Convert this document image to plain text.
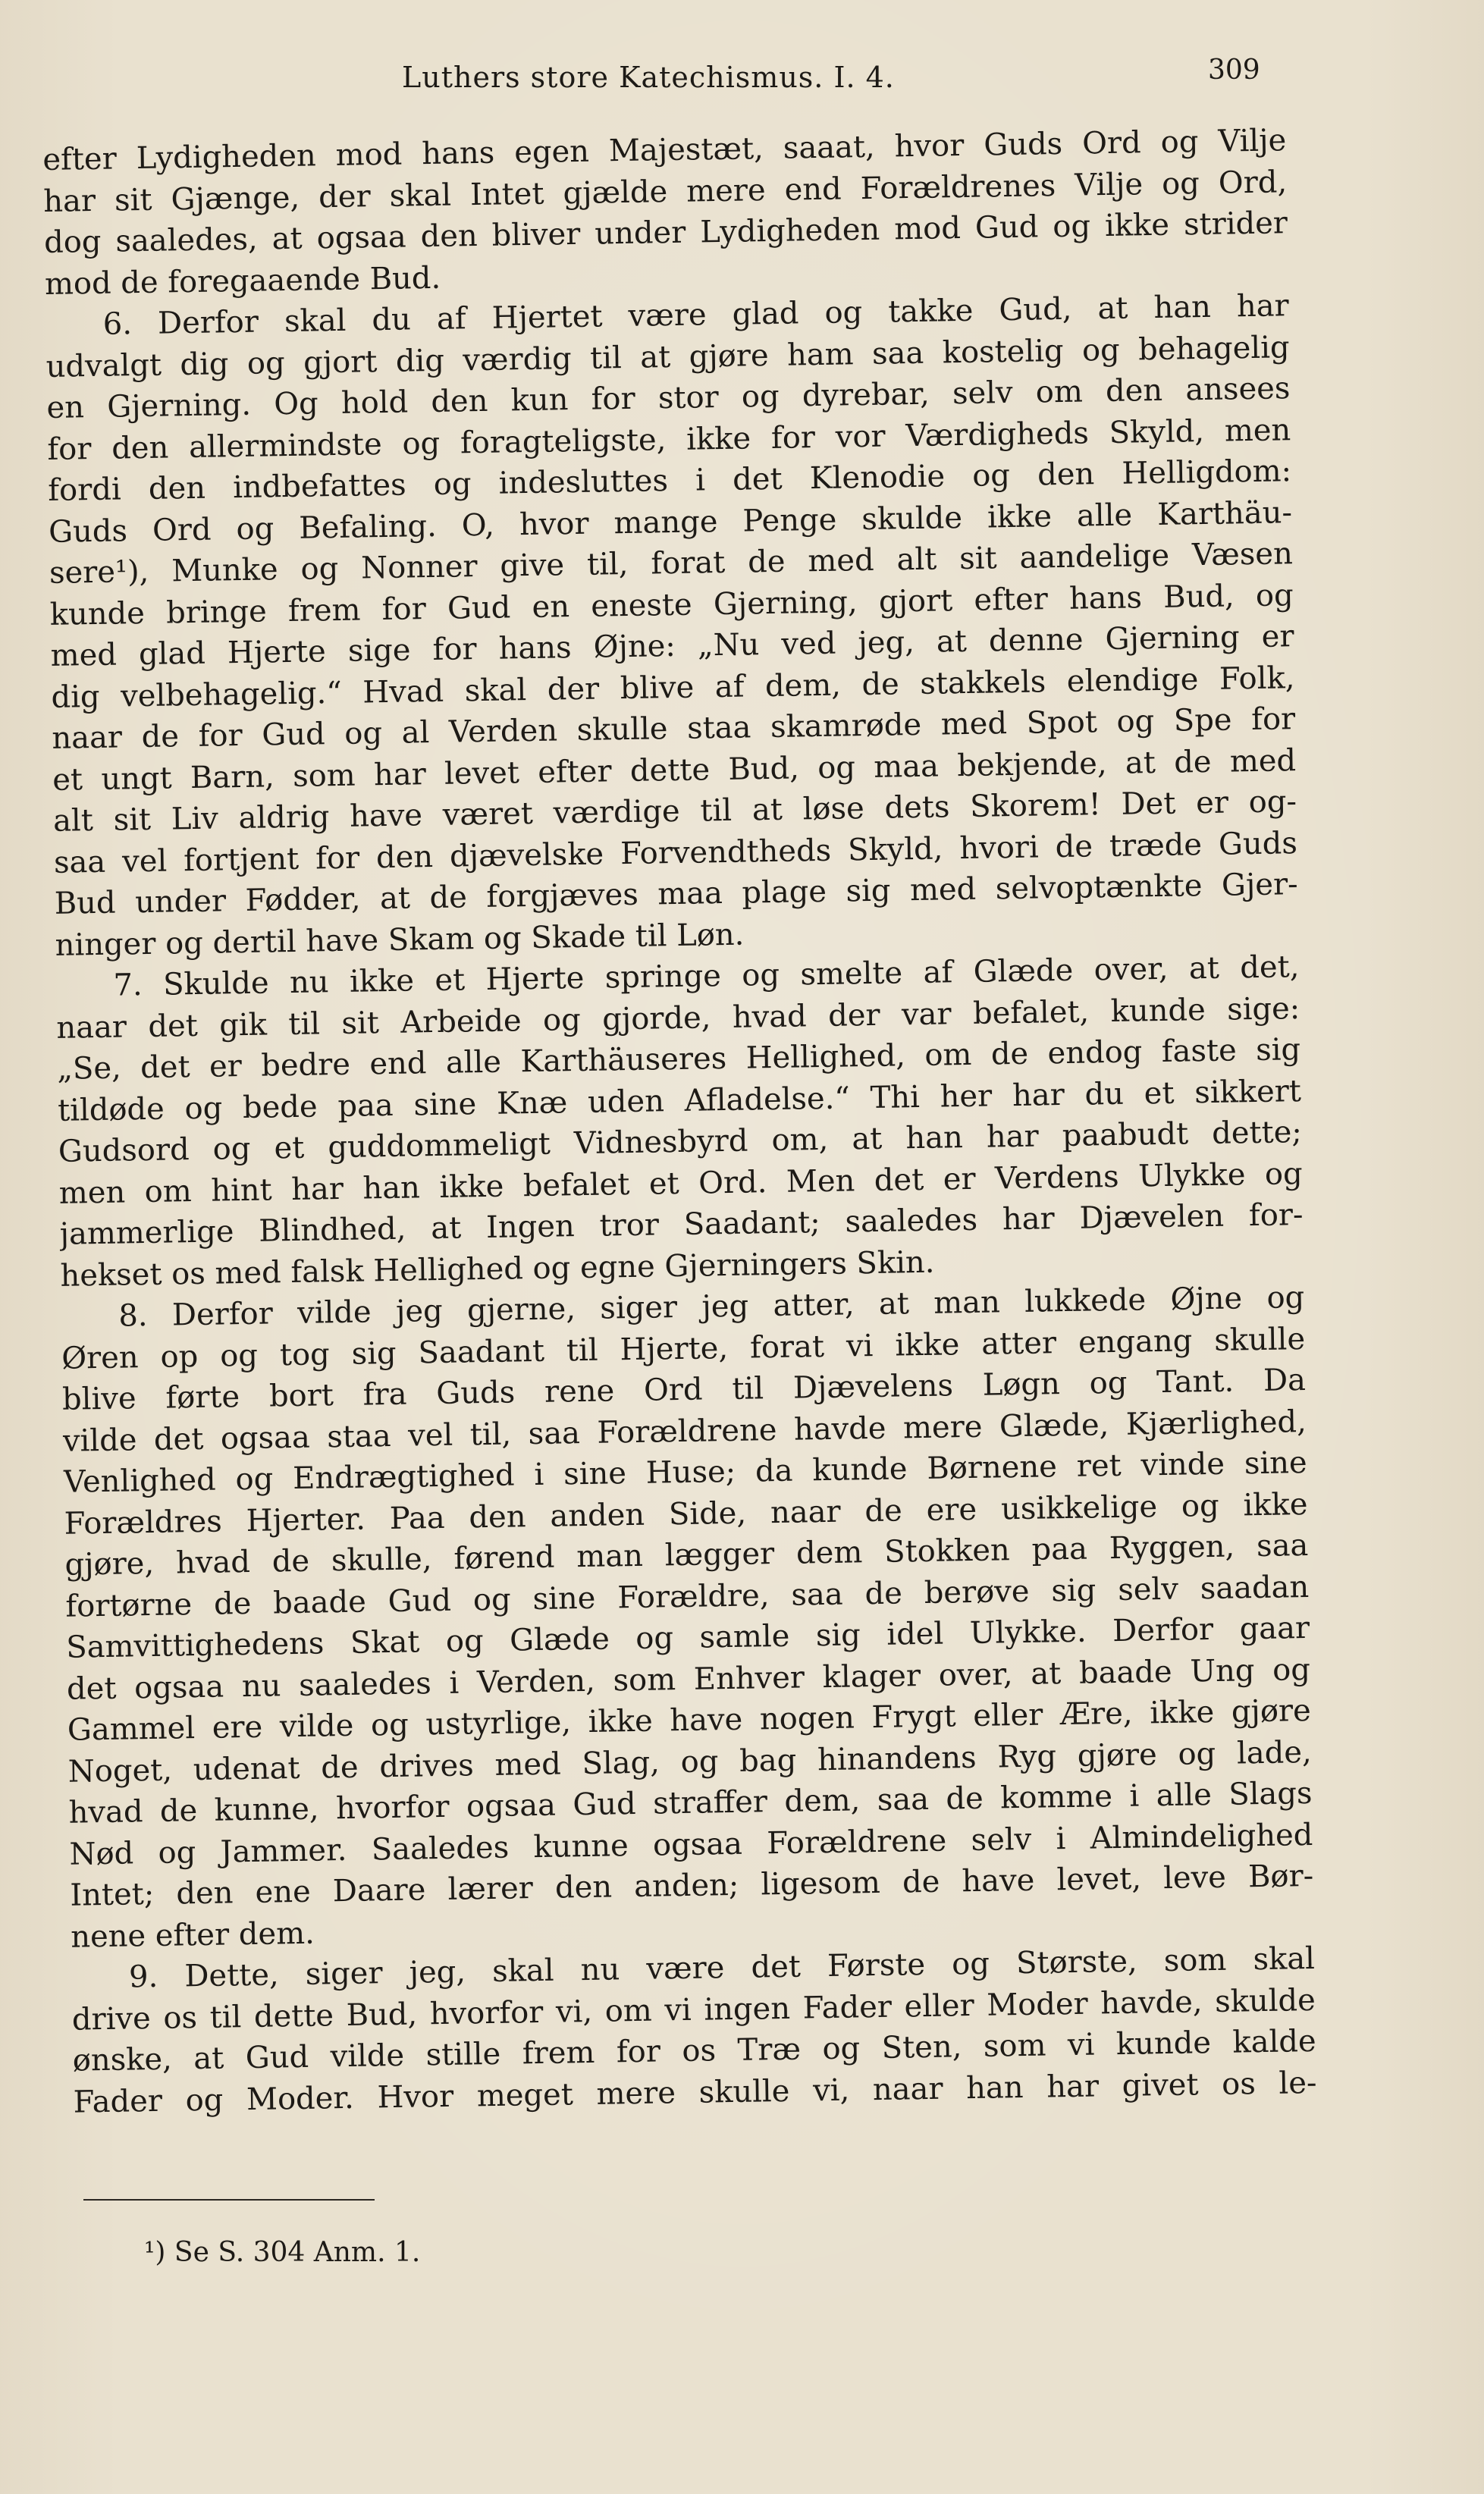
Luthers store Katechismus. I. 4.	309
efter Lydigheden mod hans egen Majestæt, saaat, hvor Guds Ord og Vilje
har sit Gjænge, der skal Intet gjælde mere end Forældrenes Vilje og Ord,
dog saaledes, at ogsaa den bliver under Lydigheden mod Gud og ikke strider
mod de foregaaende Bud.
6. Derfor skal du af Hjertet være glad og takke Gud, at han har
udvalgt dig og gjort dig værdig til at gjøre ham saa kostelig og behagelig
en Gjerning. Og hold den kun for stor og dyrebar, selv om den ansees
for den allermindste og foragteligste, ikke for vor Værdigheds Skyld, men
fordi den indbefattes og indesluttes i det Klenodie og den Helligdom:
Guds Ord og Befaling. O, hvor mange Penge skulde ikke alle Karthäu-
sere¹), Munke og Nonner give til, forat de med alt sit aandelige Væsen
kunde bringe frem for Gud en eneste Gjerning, gjort efter hans Bud, og
med glad Hjerte sige for hans Øjne: „Nu ved jeg, at denne Gjerning er
dig velbehagelig.“ Hvad skal der blive af dem, de stakkels elendige Folk,
naar de for Gud og al Verden skulle staa skamrøde med Spot og Spe for
et ungt Barn, som har levet efter dette Bud, og maa bekjende, at de med
alt sit Liv aldrig have været værdige til at løse dets Skorem! Det er og-
saa vel fortjent for den djævelske Forvendtheds Skyld, hvori de træde Guds
Bud under Fødder, at de forgjæves maa plage sig med selvoptænkte Gjer-
ninger og dertil have Skam og Skade til Løn.
7. Skulde nu ikke et Hjerte springe og smelte af Glæde over, at det,
naar det gik til sit Arbeide og gjorde, hvad der var befalet, kunde sige:
„Se, det er bedre end alle Karthäuseres Hellighed, om de endog faste sig
tildøde og bede paa sine Knæ uden Afladelse.“ Thi her har du et sikkert
Gudsord og et guddommeligt Vidnesbyrd om, at han har paabudt dette;
men om hint har han ikke befalet et Ord. Men det er Verdens Ulykke og
jammerlige Blindhed, at Ingen tror Saadant; saaledes har Djævelen for-
hekset os med falsk Hellighed og egne Gjerningers Skin.
8. Derfor vilde jeg gjerne, siger jeg atter, at man lukkede Øjne og
Øren op og tog sig Saadant til Hjerte, forat vi ikke atter engang skulle
blive førte bort fra Guds rene Ord til Djævelens Løgn og Tant. Da
vilde det ogsaa staa vel til, saa Forældrene havde mere Glæde, Kjærlighed,
Venlighed og Endrægtighed i sine Huse; da kunde Børnene ret vinde sine
Forældres Hjerter. Paa den anden Side, naar de ere usikkelige og ikke
gjøre, hvad de skulle, førend man lægger dem Stokken paa Ryggen, saa
fortørne de baade Gud og sine Forældre, saa de berøve sig selv saadan
Samvittighedens Skat og Glæde og samle sig idel Ulykke. Derfor gaar
det ogsaa nu saaledes i Verden, som Enhver klager over, at baade Ung og
Gammel ere vilde og ustyrlige, ikke have nogen Frygt eller Ære, ikke gjøre
Noget, udenat de drives med Slag, og bag hinandens Ryg gjøre og lade,
hvad de kunne, hvorfor ogsaa Gud straffer dem, saa de komme i alle Slags
Nød og Jammer. Saaledes kunne ogsaa Forældrene selv i Almindelighed
Intet; den ene Daare lærer den anden; ligesom de have levet, leve Bør-
nene efter dem.
9. Dette, siger jeg, skal nu være det Første og Største, som skal
drive os til dette Bud, hvorfor vi, om vi ingen Fader eller Moder havde, skulde
ønske, at Gud vilde stille frem for os Træ og Sten, som vi kunde kalde
Fader og Moder. Hvor meget mere skulle vi, naar han har givet os le-
¹) Se S. 304 Anm. 1.
